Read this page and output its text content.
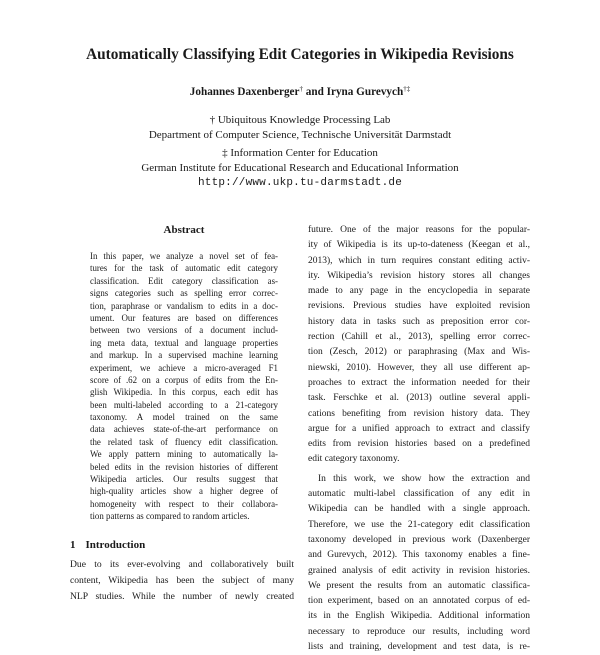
Automatically Classifying Edit Categories in Wikipedia Revisions
Johannes Daxenberger† and Iryna Gurevych†‡
† Ubiquitous Knowledge Processing Lab
Department of Computer Science, Technische Universität Darmstadt
‡ Information Center for Education
German Institute for Educational Research and Educational Information
http://www.ukp.tu-darmstadt.de
Abstract
In this paper, we analyze a novel set of fea-
tures for the task of automatic edit category
classification. Edit category classification as-
signs categories such as spelling error correc-
tion, paraphrase or vandalism to edits in a doc-
ument. Our features are based on differences
between two versions of a document includ-
ing meta data, textual and language properties
and markup. In a supervised machine learning
experiment, we achieve a micro-averaged F1
score of .62 on a corpus of edits from the En-
glish Wikipedia. In this corpus, each edit has
been multi-labeled according to a 21-category
taxonomy. A model trained on the same
data achieves state-of-the-art performance on
the related task of fluency edit classification.
We apply pattern mining to automatically la-
beled edits in the revision histories of different
Wikipedia articles. Our results suggest that
high-quality articles show a higher degree of
homogeneity with respect to their collabora-
tion patterns as compared to random articles.
1 Introduction
Due to its ever-evolving and collaboratively built
content, Wikipedia has been the subject of many
NLP studies. While the number of newly created
future. One of the major reasons for the popular-
ity of Wikipedia is its up-to-dateness (Keegan et al.,
2013), which in turn requires constant editing activ-
ity. Wikipedia’s revision history stores all changes
made to any page in the encyclopedia in separate
revisions. Previous studies have exploited revision
history data in tasks such as preposition error cor-
rection (Cahill et al., 2013), spelling error correc-
tion (Zesch, 2012) or paraphrasing (Max and Wis-
niewski, 2010). However, they all use different ap-
proaches to extract the information needed for their
task. Ferschke et al. (2013) outline several appli-
cations benefiting from revision history data. They
argue for a unified approach to extract and classify
edits from revision histories based on a predefined
edit category taxonomy.
In this work, we show how the extraction and
automatic multi-label classification of any edit in
Wikipedia can be handled with a single approach.
Therefore, we use the 21-category edit classification
taxonomy developed in previous work (Daxenberger
and Gurevych, 2012). This taxonomy enables a fine-
grained analysis of edit activity in revision histories.
We present the results from an automatic classifica-
tion experiment, based on an annotated corpus of ed-
its in the English Wikipedia. Additional information
necessary to reproduce our results, including word
lists and training, development and test data, is re-
